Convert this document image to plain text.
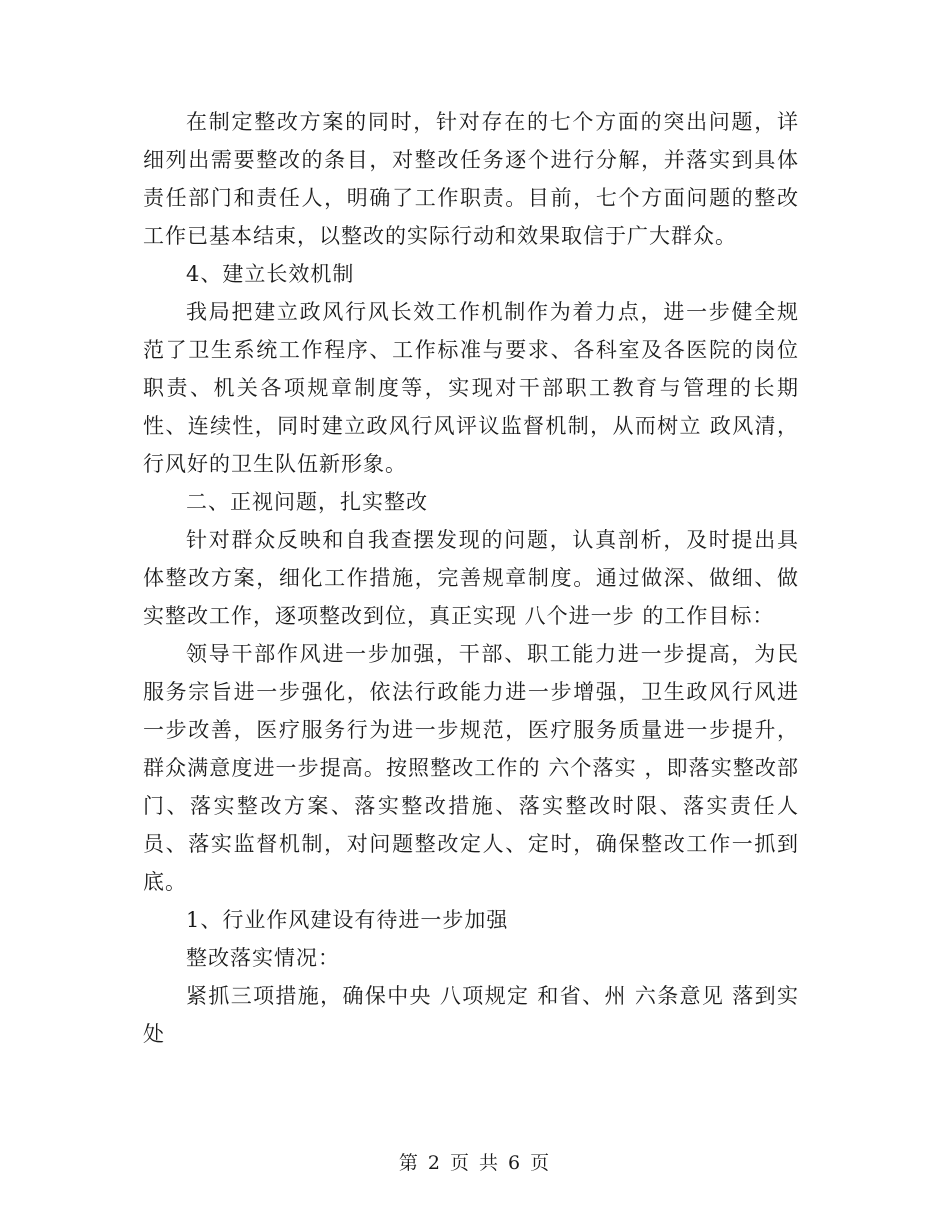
在制定整改方案的同时，针对存在的七个方面的突出问题，详细列出需要整改的条目，对整改任务逐个进行分解，并落实到具体责任部门和责任人，明确了工作职责。目前，七个方面问题的整改工作已基本结束，以整改的实际行动和效果取信于广大群众。

4、建立长效机制

我局把建立政风行风长效工作机制作为着力点，进一步健全规范了卫生系统工作程序、工作标准与要求、各科室及各医院的岗位职责、机关各项规章制度等，实现对干部职工教育与管理的长期性、连续性，同时建立政风行风评议监督机制，从而树立 政风清，行风好的卫生队伍新形象。

二、正视问题，扎实整改

针对群众反映和自我查摆发现的问题，认真剖析，及时提出具体整改方案，细化工作措施，完善规章制度。通过做深、做细、做实整改工作，逐项整改到位，真正实现 八个进一步 的工作目标：

领导干部作风进一步加强，干部、职工能力进一步提高，为民服务宗旨进一步强化，依法行政能力进一步增强，卫生政风行风进一步改善，医疗服务行为进一步规范，医疗服务质量进一步提升，群众满意度进一步提高。按照整改工作的 六个落实 ，即落实整改部门、落实整改方案、落实整改措施、落实整改时限、落实责任人员、落实监督机制，对问题整改定人、定时，确保整改工作一抓到底。

1、行业作风建设有待进一步加强

整改落实情况：

紧抓三项措施，确保中央 八项规定 和省、州 六条意见 落到实处

第 2 页 共 6 页
